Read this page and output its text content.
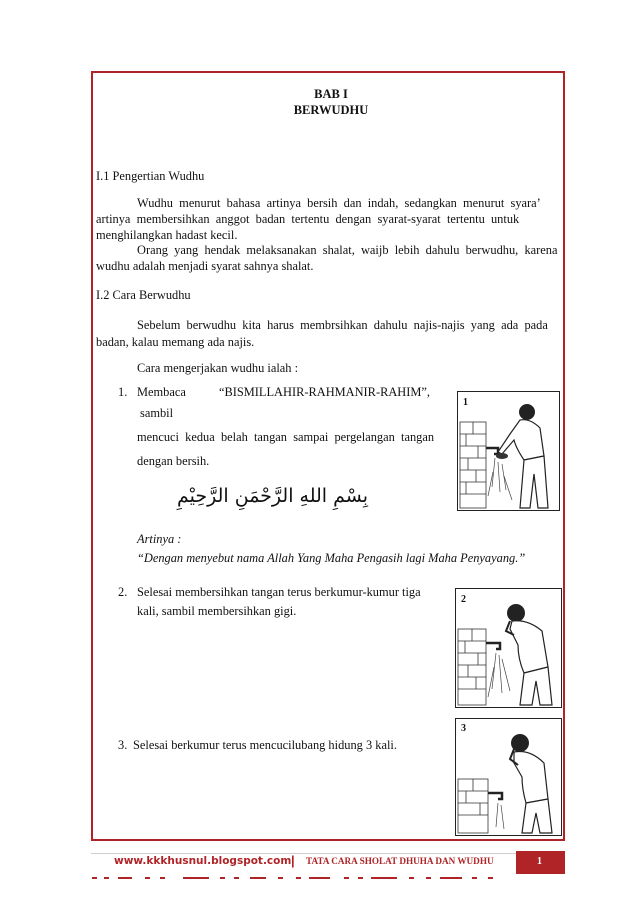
BAB I
BERWUDHU
I.1 Pengertian Wudhu
Wudhu  menurut  bahasa  artinya  bersih  dan  indah,  sedangkan  menurut  syara’
artinya  membersihkan  anggot  badan  tertentu  dengan  syarat-syarat  tertentu  untuk
menghilangkan hadast kecil.
Orang  yang  hendak  melaksanakan  shalat,  waijb  lebih  dahulu  berwudhu,  karena
wudhu adalah menjadi syarat sahnya shalat.
I.2 Cara Berwudhu
Sebelum  berwudhu  kita  harus  membrsihkan  dahulu  najis-najis  yang  ada  pada
badan, kalau memang ada najis.
Cara mengerjakan wudhu ialah :
1. Membaca	“BISMILLAHIR-RAHMANIR-RAHIM”,
sambil
mencuci  kedua  belah  tangan  sampai  pergelangan  tangan
dengan bersih.
1
بِسْمِ اللهِ الرَّحْمَنِ الرَّحِيْمِ
Artinya :
“Dengan menyebut nama Allah Yang Maha Pengasih lagi Maha Penyayang.”
2. Selesai membersihkan tangan terus berkumur-kumur tiga
kali, sambil membersihkan gigi.
2
3. Selesai berkumur terus mencucilubang hidung 3 kali.
3
www.kkkhusnul.blogspot.com | TATA CARA SHOLAT DHUHA DAN WUDHU	1
